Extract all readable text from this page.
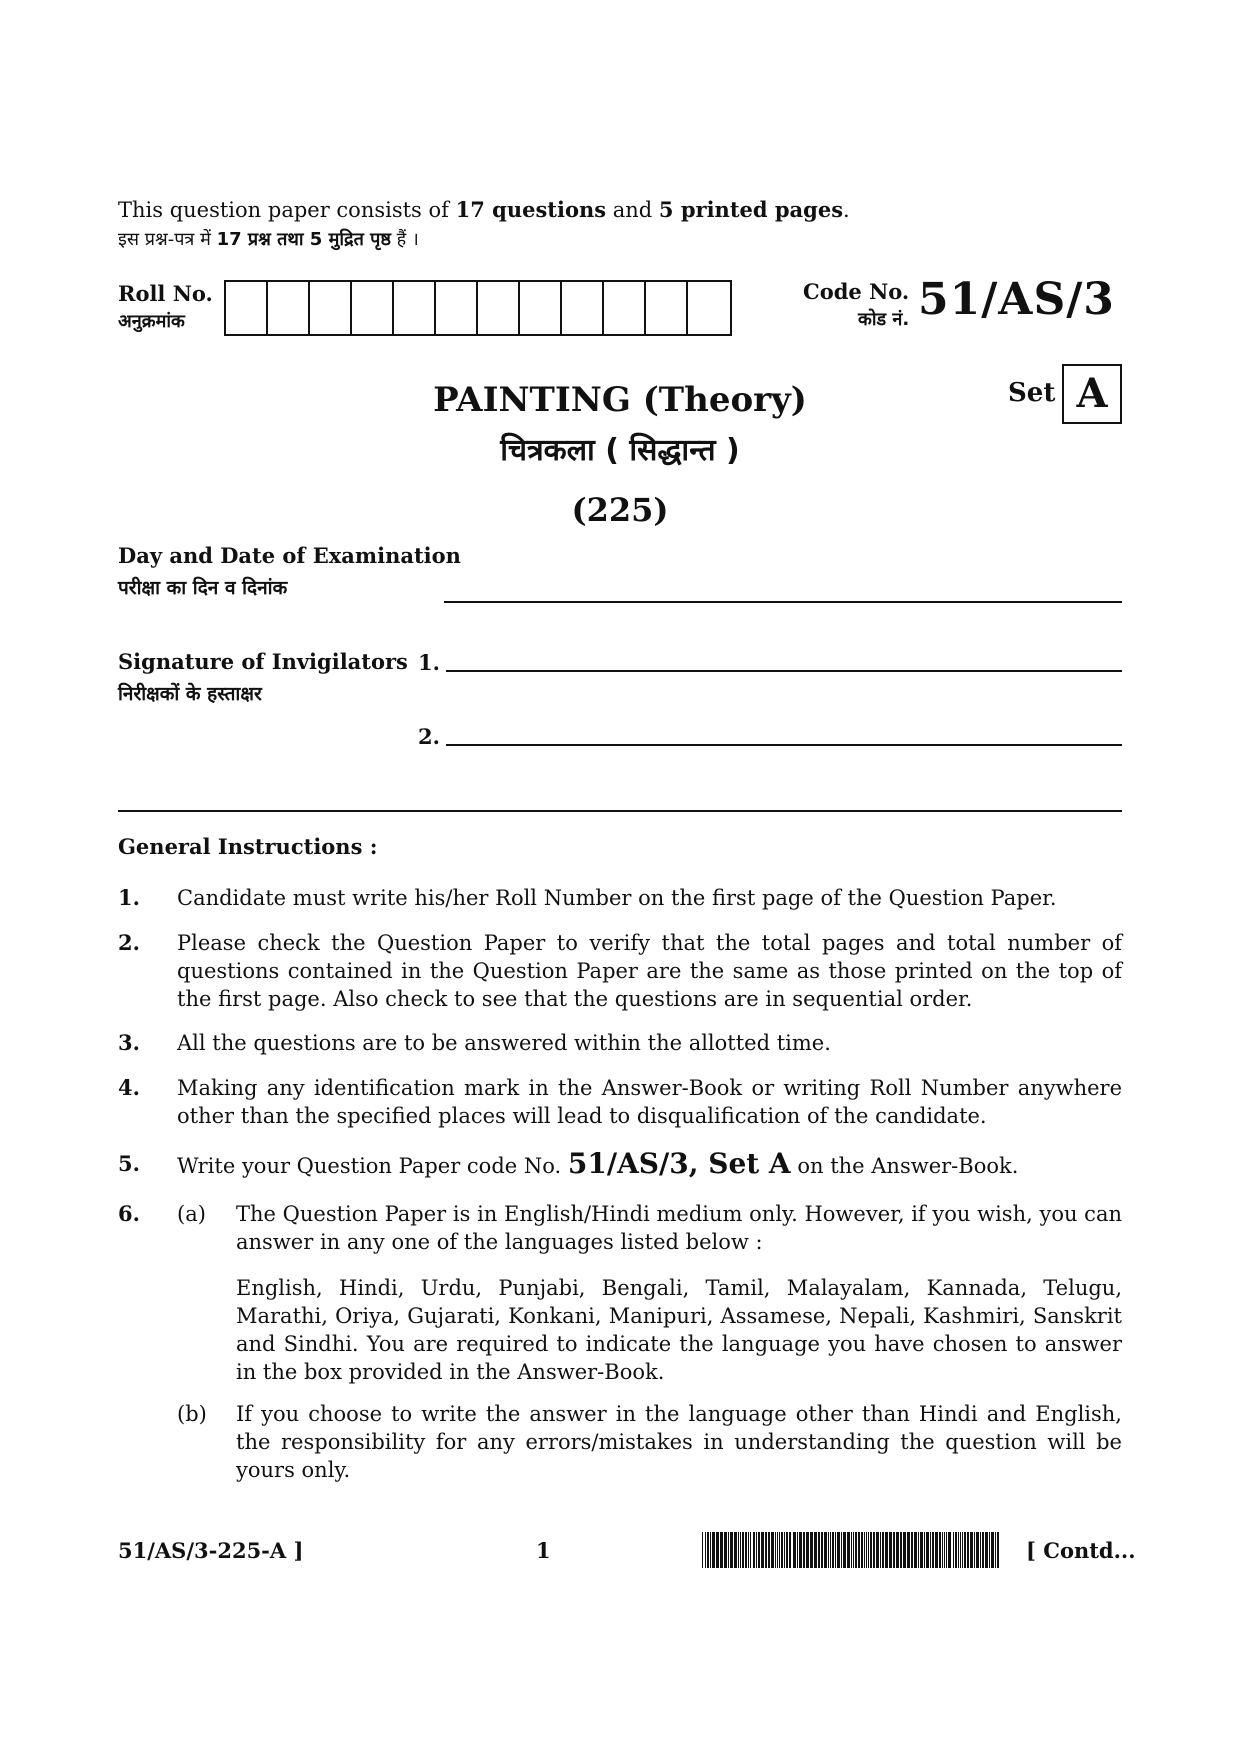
This question paper consists of 17 questions and 5 printed pages.
इस प्रश्न-पत्र में 17 प्रश्न तथा 5 मुद्रित पृष्ठ हैं ।
Roll No.
अनुक्रमांक
Code No.
कोड नं. 51/AS/3
Set A
PAINTING (Theory)
चित्रकला ( सिद्धान्त )
(225)
Day and Date of Examination
परीक्षा का दिन व दिनांक
Signature of Invigilators
निरीक्षकों के हस्ताक्षर
1.
2.
General Instructions :
1. Candidate must write his/her Roll Number on the first page of the Question Paper.
2. Please check the Question Paper to verify that the total pages and total number of questions contained in the Question Paper are the same as those printed on the top of the first page. Also check to see that the questions are in sequential order.
3. All the questions are to be answered within the allotted time.
4. Making any identification mark in the Answer-Book or writing Roll Number anywhere other than the specified places will lead to disqualification of the candidate.
5. Write your Question Paper code No. 51/AS/3, Set A on the Answer-Book.
6. (a) The Question Paper is in English/Hindi medium only. However, if you wish, you can answer in any one of the languages listed below :
English, Hindi, Urdu, Punjabi, Bengali, Tamil, Malayalam, Kannada, Telugu, Marathi, Oriya, Gujarati, Konkani, Manipuri, Assamese, Nepali, Kashmiri, Sanskrit and Sindhi. You are required to indicate the language you have chosen to answer in the box provided in the Answer-Book.
(b) If you choose to write the answer in the language other than Hindi and English, the responsibility for any errors/mistakes in understanding the question will be yours only.
51/AS/3-225-A ]	1	[ Contd...
